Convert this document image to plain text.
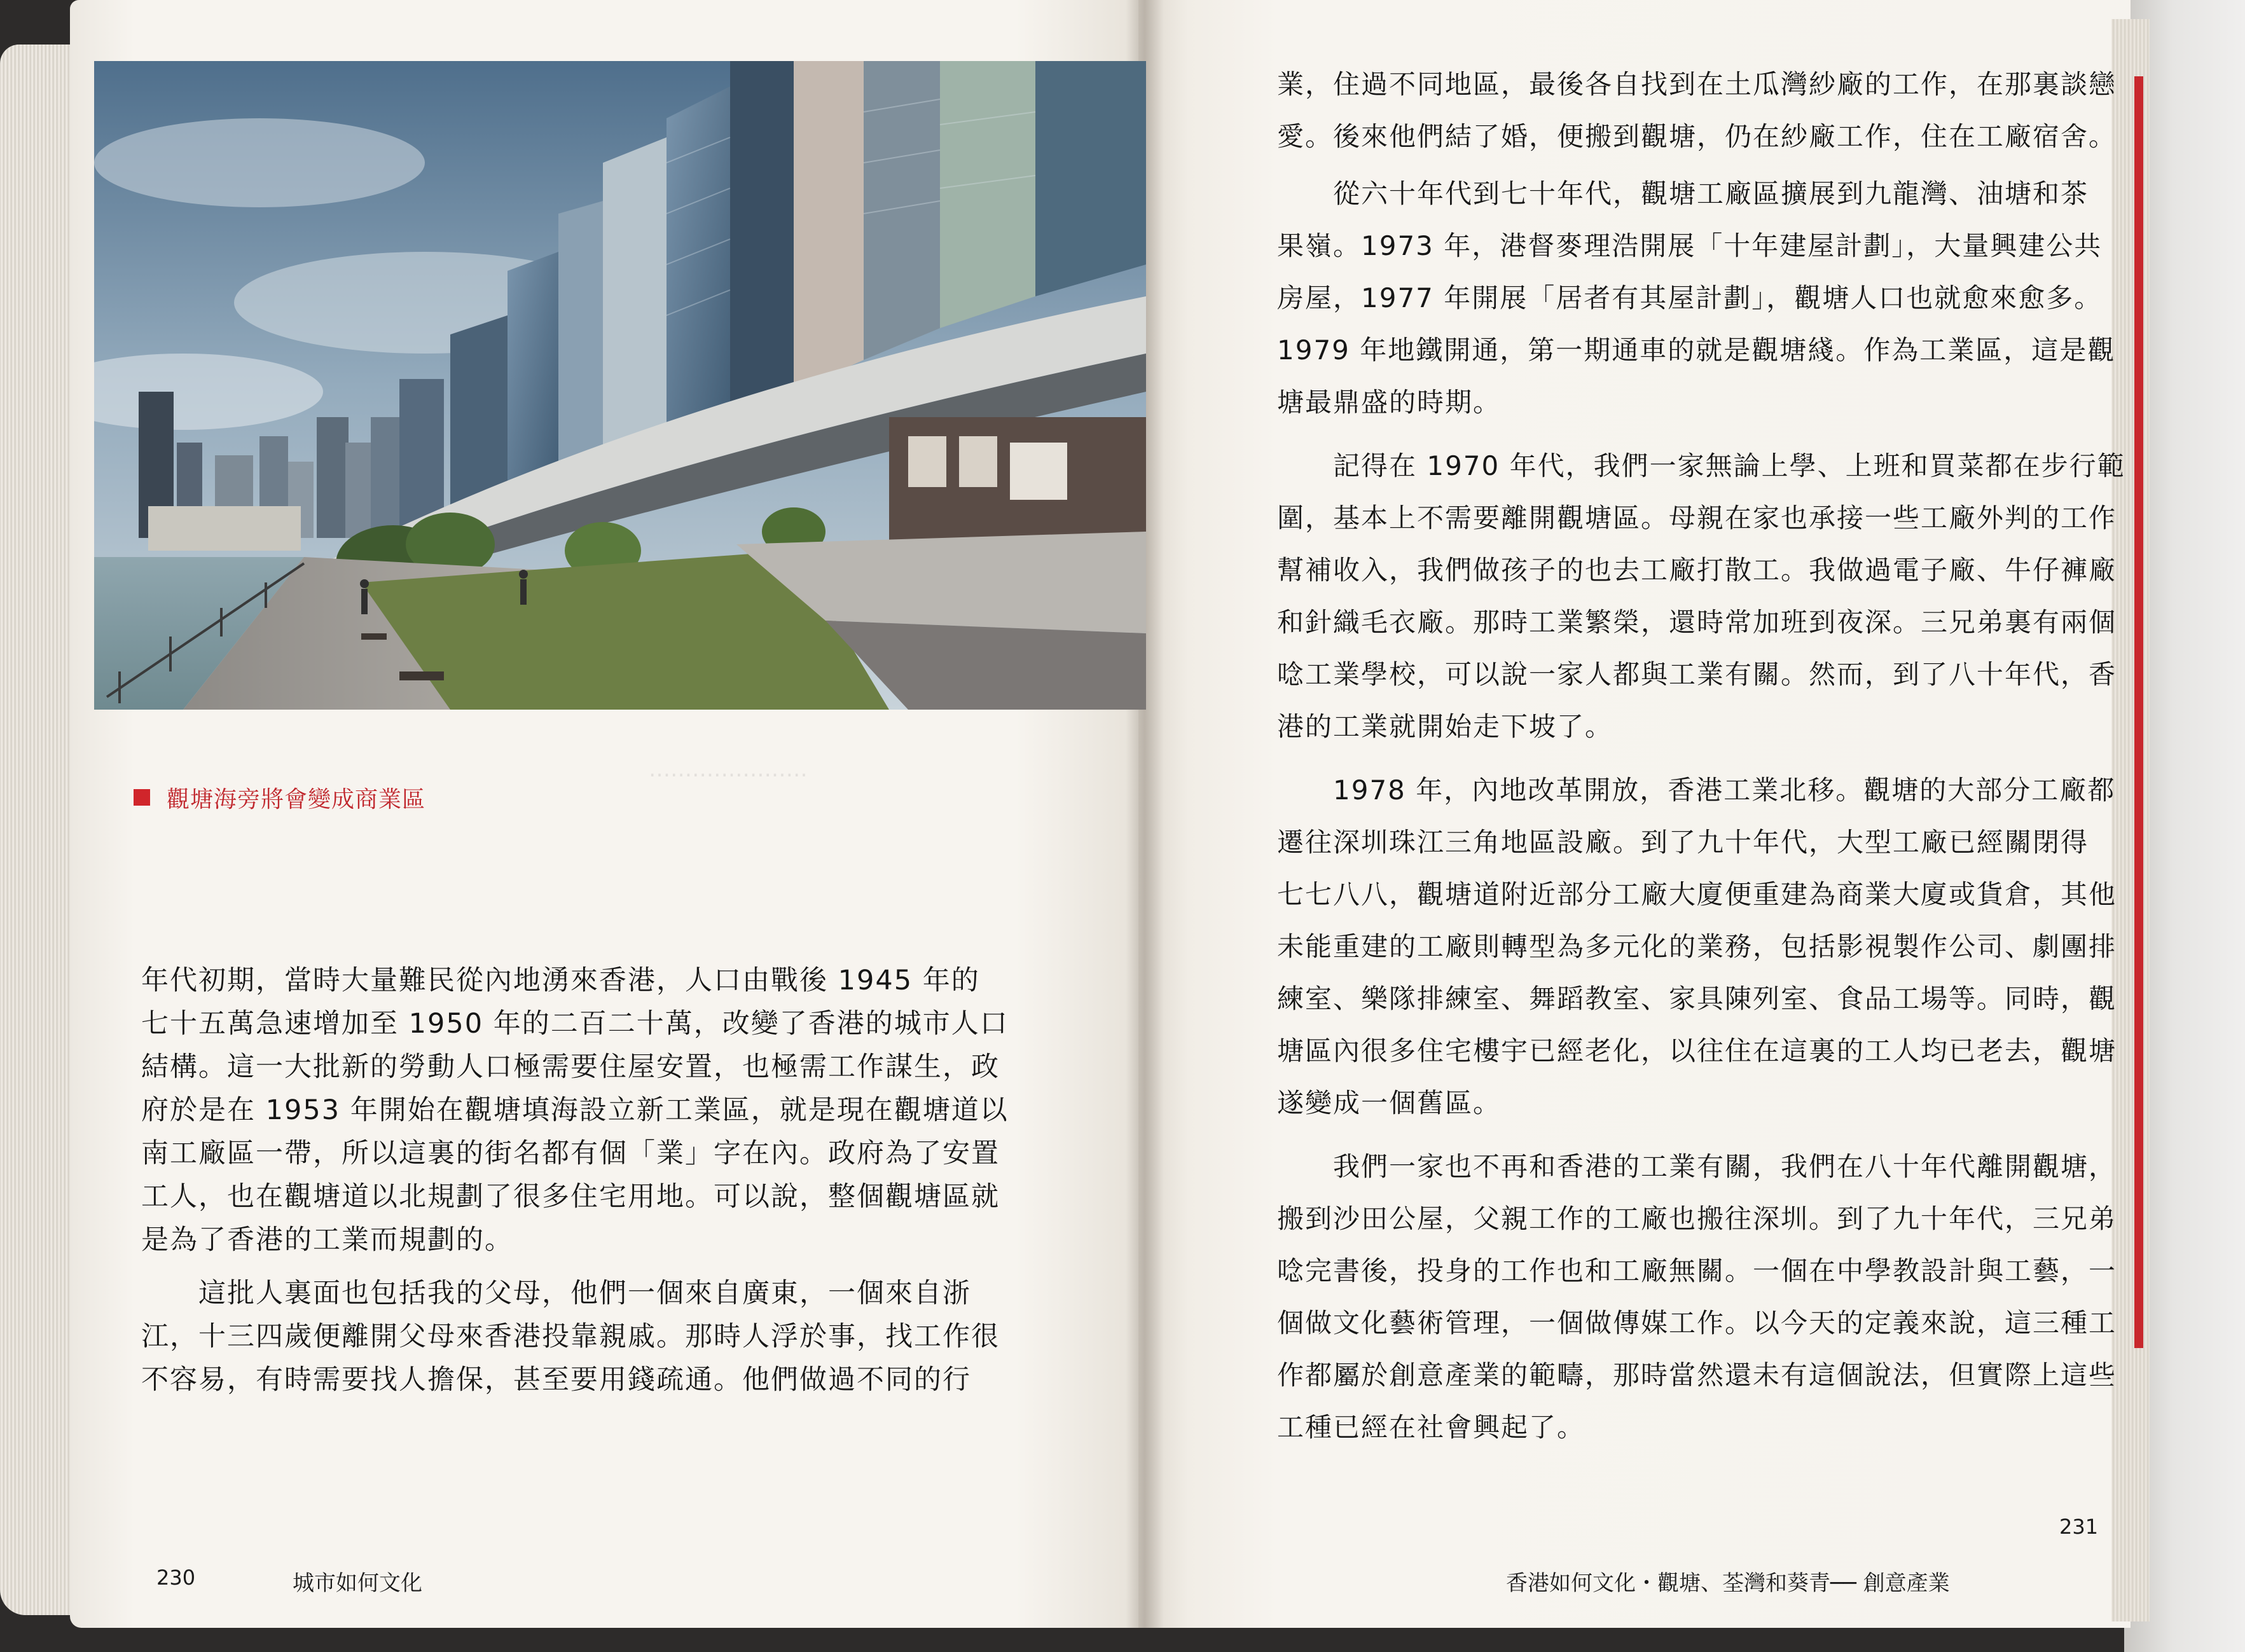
觀塘海旁將會變成商業區
‥‥‥‥‥‥‥‥‥‥‥
年代初期，當時大量難民從內地湧來香港，人口由戰後 1945 年的
七十五萬急速增加至 1950 年的二百二十萬，改變了香港的城市人口
結構。這一大批新的勞動人口極需要住屋安置，也極需工作謀生，政
府於是在 1953 年開始在觀塘填海設立新工業區，就是現在觀塘道以
南工廠區一帶，所以這裏的街名都有個「業」字在內。政府為了安置
工人，也在觀塘道以北規劃了很多住宅用地。可以說，整個觀塘區就
是為了香港的工業而規劃的。
　　這批人裏面也包括我的父母，他們一個來自廣東，一個來自浙
江，十三四歲便離開父母來香港投靠親戚。那時人浮於事，找工作很
不容易，有時需要找人擔保，甚至要用錢疏通。他們做過不同的行
230	城市如何文化
業，住過不同地區，最後各自找到在土瓜灣紗廠的工作，在那裏談戀
愛。後來他們結了婚，便搬到觀塘，仍在紗廠工作，住在工廠宿舍。
　　從六十年代到七十年代，觀塘工廠區擴展到九龍灣、油塘和茶
果嶺。1973 年，港督麥理浩開展「十年建屋計劃」，大量興建公共
房屋，1977 年開展「居者有其屋計劃」，觀塘人口也就愈來愈多。
1979 年地鐵開通，第一期通車的就是觀塘綫。作為工業區，這是觀
塘最鼎盛的時期。
　　記得在 1970 年代，我們一家無論上學、上班和買菜都在步行範
圍，基本上不需要離開觀塘區。母親在家也承接一些工廠外判的工作
幫補收入，我們做孩子的也去工廠打散工。我做過電子廠、牛仔褲廠
和針織毛衣廠。那時工業繁榮，還時常加班到夜深。三兄弟裏有兩個
唸工業學校，可以說一家人都與工業有關。然而，到了八十年代，香
港的工業就開始走下坡了。
　　1978 年，內地改革開放，香港工業北移。觀塘的大部分工廠都
遷往深圳珠江三角地區設廠。到了九十年代，大型工廠已經關閉得
七七八八，觀塘道附近部分工廠大廈便重建為商業大廈或貨倉，其他
未能重建的工廠則轉型為多元化的業務，包括影視製作公司、劇團排
練室、樂隊排練室、舞蹈教室、家具陳列室、食品工場等。同時，觀
塘區內很多住宅樓宇已經老化，以往住在這裏的工人均已老去，觀塘
遂變成一個舊區。
　　我們一家也不再和香港的工業有關，我們在八十年代離開觀塘，
搬到沙田公屋，父親工作的工廠也搬往深圳。到了九十年代，三兄弟
唸完書後，投身的工作也和工廠無關。一個在中學教設計與工藝，一
個做文化藝術管理，一個做傳媒工作。以今天的定義來說，這三種工
作都屬於創意產業的範疇，那時當然還未有這個說法，但實際上這些
工種已經在社會興起了。
231
香港如何文化・觀塘、荃灣和葵青── 創意產業
